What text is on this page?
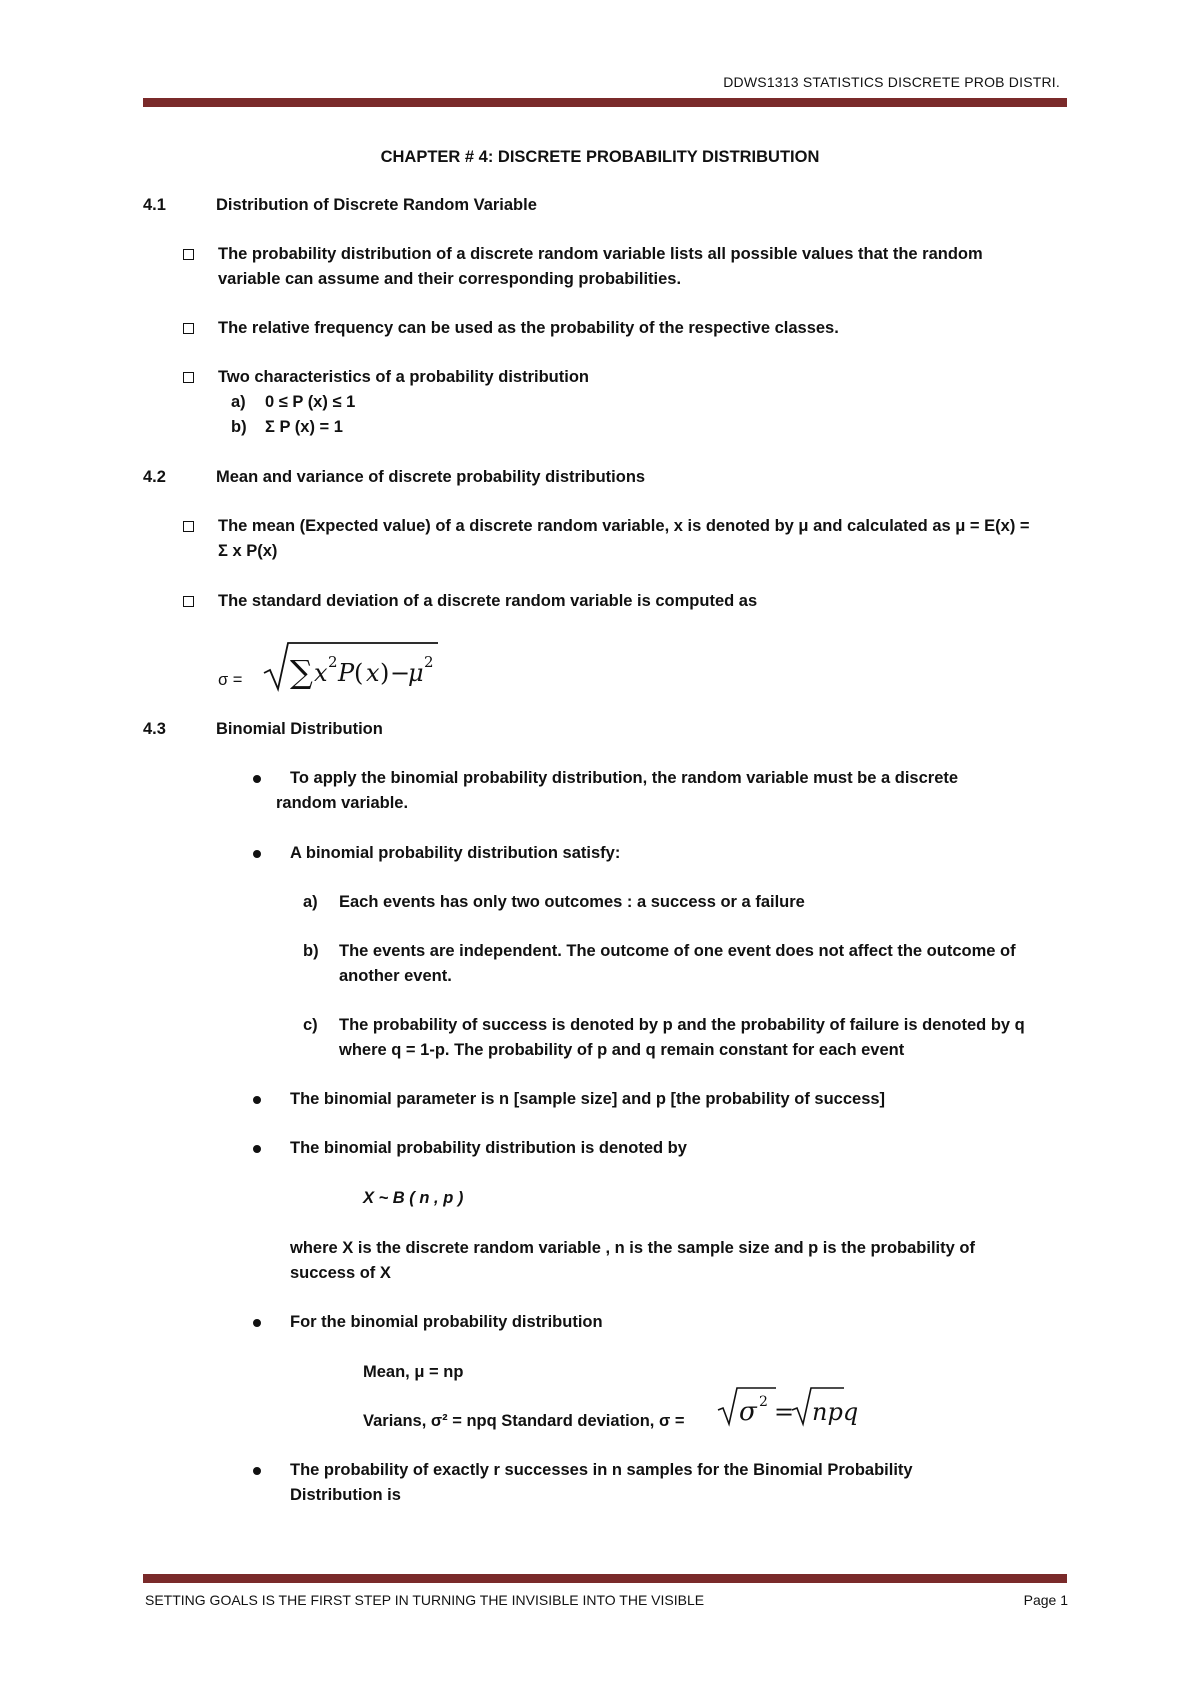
DDWS1313 STATISTICS DISCRETE PROB DISTRI.
CHAPTER # 4: DISCRETE PROBABILITY DISTRIBUTION
4.1	Distribution of Discrete Random Variable
The probability distribution of a discrete random variable lists all possible values that the random
variable can assume and their corresponding probabilities.
The relative frequency can be used as the probability of the respective classes.
Two characteristics of a probability distribution
a) 0 ≤ P (x) ≤ 1
b) Σ P (x) = 1
4.2	Mean and variance of discrete probability distributions
The mean (Expected value) of a discrete random variable, x is denoted by μ and calculated as μ = E(x) =
Σ x P(x)
The standard deviation of a discrete random variable is computed as
σ = ∑ x 2 P ( x ) −
μ 2
4.3	Binomial Distribution
To apply the binomial probability distribution, the random variable must be a discrete
random variable.
A binomial probability distribution satisfy:
a) Each events has only two outcomes : a success or a failure
b) The events are independent. The outcome of one event does not affect the outcome of
another event.
c) The probability of success is denoted by p and the probability of failure is denoted by q
where q = 1-p. The probability of p and q remain constant for each event
The binomial parameter is n [sample size] and p [the probability of success]
The binomial probability distribution is denoted by
X ~ B ( n , p )
where X is the discrete random variable , n is the sample size and p is the probability of
success of X
For the binomial probability distribution
Mean, μ = np
Varians, σ² = npq Standard deviation, σ = σ 2 = npq
The probability of exactly r successes in n samples for the Binomial Probability
Distribution is
SETTING GOALS IS THE FIRST STEP IN TURNING THE INVISIBLE INTO THE VISIBLE	Page 1
